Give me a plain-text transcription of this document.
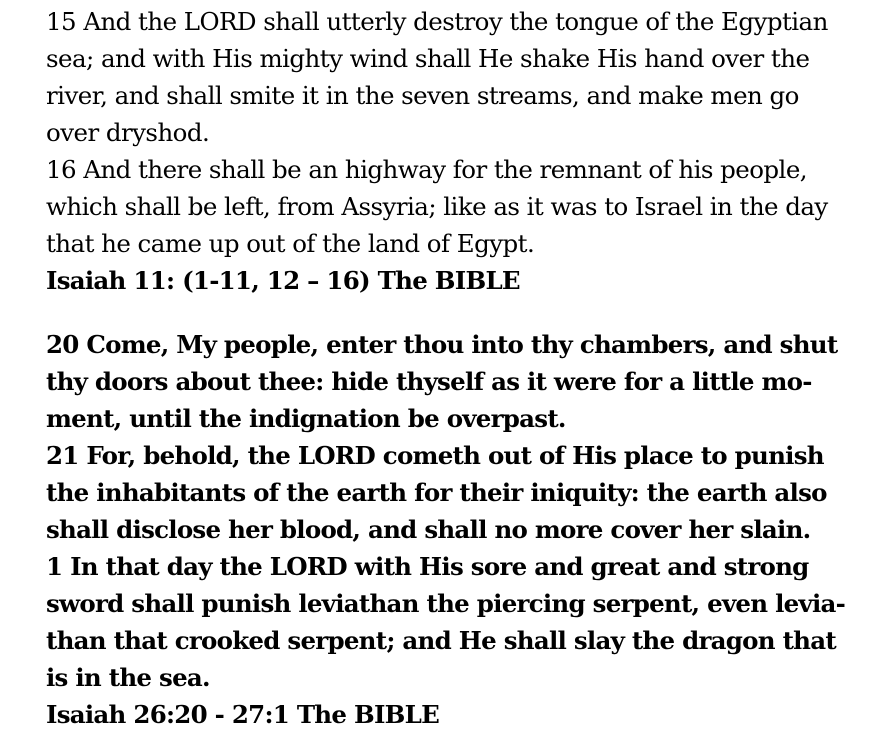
15 And the LORD shall utterly destroy the tongue of the Egyptian
sea; and with His mighty wind shall He shake His hand over the
river, and shall smite it in the seven streams, and make men go
over dryshod.
16 And there shall be an highway for the remnant of his people,
which shall be left, from Assyria; like as it was to Israel in the day
that he came up out of the land of Egypt.
Isaiah 11: (1-11, 12 – 16) The BIBLE
20 Come, My people, enter thou into thy chambers, and shut
thy doors about thee: hide thyself as it were for a little mo-
ment, until the indignation be overpast.
21 For, behold, the LORD cometh out of His place to punish
the inhabitants of the earth for their iniquity: the earth also
shall disclose her blood, and shall no more cover her slain.
1 In that day the LORD with His sore and great and strong
sword shall punish leviathan the piercing serpent, even levia-
than that crooked serpent; and He shall slay the dragon that
is in the sea.
Isaiah 26:20 - 27:1 The BIBLE
